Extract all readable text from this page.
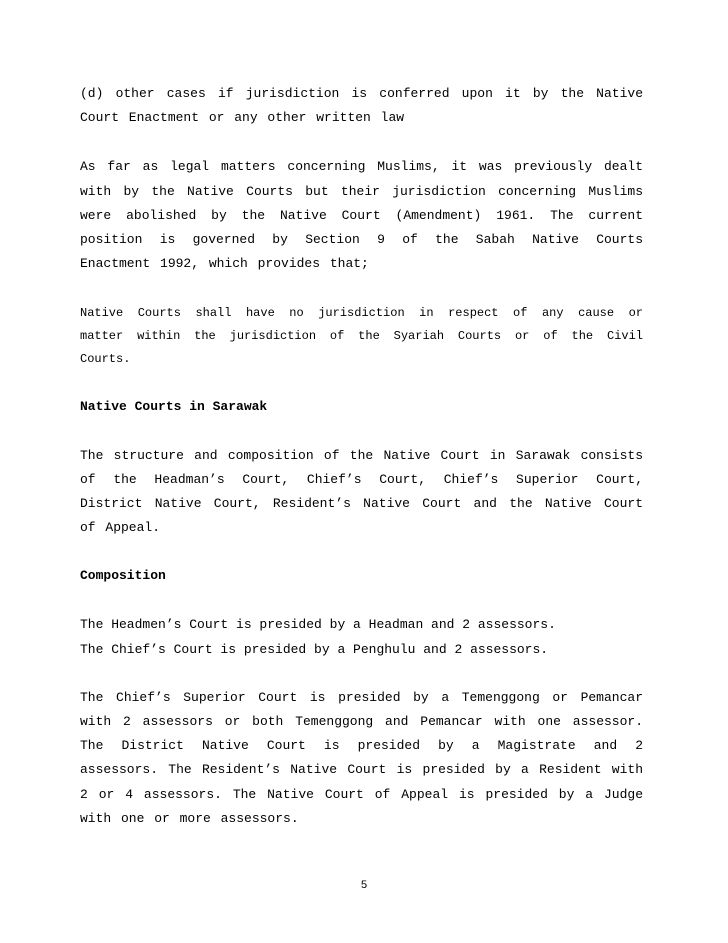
(d) other cases if jurisdiction is conferred upon it by the Native Court Enactment or any other written law

As far as legal matters concerning Muslims, it was previously dealt with by the Native Courts but their jurisdiction concerning Muslims were abolished by the Native Court (Amendment) 1961. The current position is governed by Section 9 of the Sabah Native Courts Enactment 1992, which provides that;

Native Courts shall have no jurisdiction in respect of any cause or matter within the jurisdiction of the Syariah Courts or of the Civil Courts.

Native Courts in Sarawak

The structure and composition of the Native Court in Sarawak consists of the Headman’s Court, Chief’s Court, Chief’s Superior Court, District Native Court, Resident’s Native Court and the Native Court of Appeal.

Composition

The Headmen’s Court is presided by a Headman and 2 assessors.

The Chief’s Court is presided by a Penghulu and 2 assessors.

The Chief’s Superior Court is presided by a Temenggong or Pemancar with 2 assessors or both Temenggong and Pemancar with one assessor. The District Native Court is presided by a Magistrate and 2 assessors. The Resident’s Native Court is presided by a Resident with 2 or 4 assessors. The Native Court of Appeal is presided by a Judge with one or more assessors.

5
